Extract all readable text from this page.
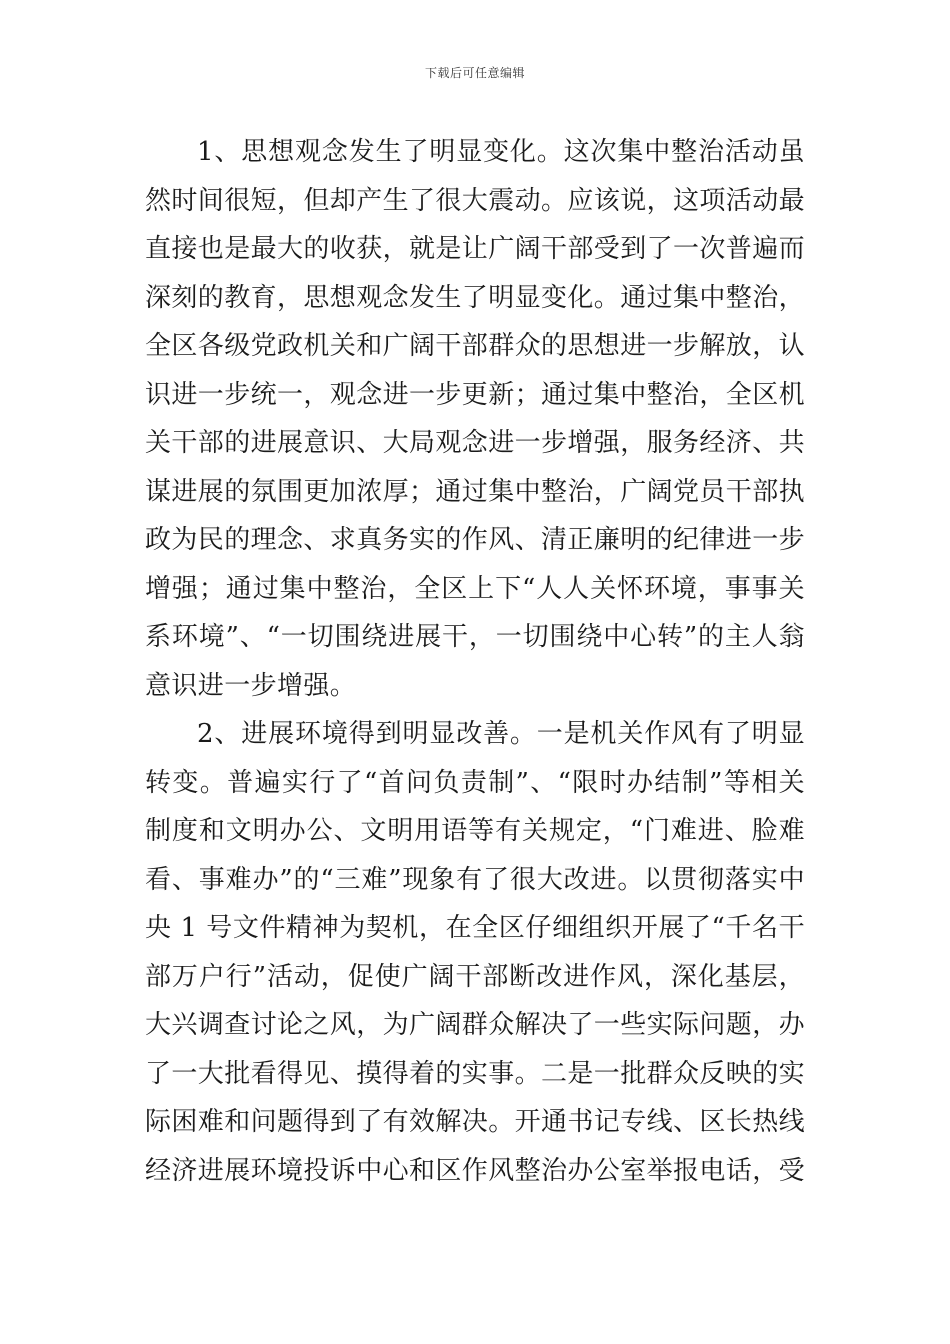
下载后可任意编辑

1、思想观念发生了明显变化。这次集中整治活动虽然时间很短，但却产生了很大震动。应该说，这项活动最直接也是最大的收获，就是让广阔干部受到了一次普遍而深刻的教育，思想观念发生了明显变化。通过集中整治，全区各级党政机关和广阔干部群众的思想进一步解放，认识进一步统一，观念进一步更新；通过集中整治，全区机关干部的进展意识、大局观念进一步增强，服务经济、共谋进展的氛围更加浓厚；通过集中整治，广阔党员干部执政为民的理念、求真务实的作风、清正廉明的纪律进一步增强；通过集中整治，全区上下“人人关怀环境，事事关系环境”、“一切围绕进展干，一切围绕中心转”的主人翁意识进一步增强。

2、进展环境得到明显改善。一是机关作风有了明显转变。普遍实行了“首问负责制”、“限时办结制”等相关制度和文明办公、文明用语等有关规定，“门难进、脸难看、事难办”的“三难”现象有了很大改进。以贯彻落实中央 1 号文件精神为契机，在全区仔细组织开展了“千名干部万户行”活动，促使广阔干部断改进作风，深化基层，大兴调查讨论之风，为广阔群众解决了一些实际问题，办了一大批看得见、摸得着的实事。二是一批群众反映的实际困难和问题得到了有效解决。开通书记专线、区长热线经济进展环境投诉中心和区作风整治办公室举报电话，受
